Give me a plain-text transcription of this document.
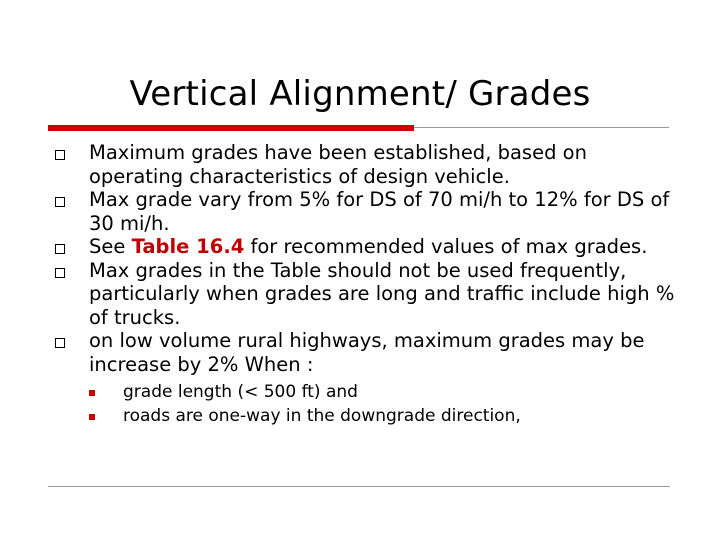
Vertical Alignment/ Grades
Maximum grades have been established, based on operating characteristics of design vehicle.
Max grade vary from 5% for DS of 70 mi/h to 12% for DS of 30 mi/h.
See Table 16.4 for recommended values of max grades.
Max grades in the Table should not be used frequently, particularly when grades are long and traffic include high % of trucks.
on low volume rural highways, maximum grades may be increase by 2% When :
grade length (< 500 ft) and
roads are one-way in the downgrade direction,
